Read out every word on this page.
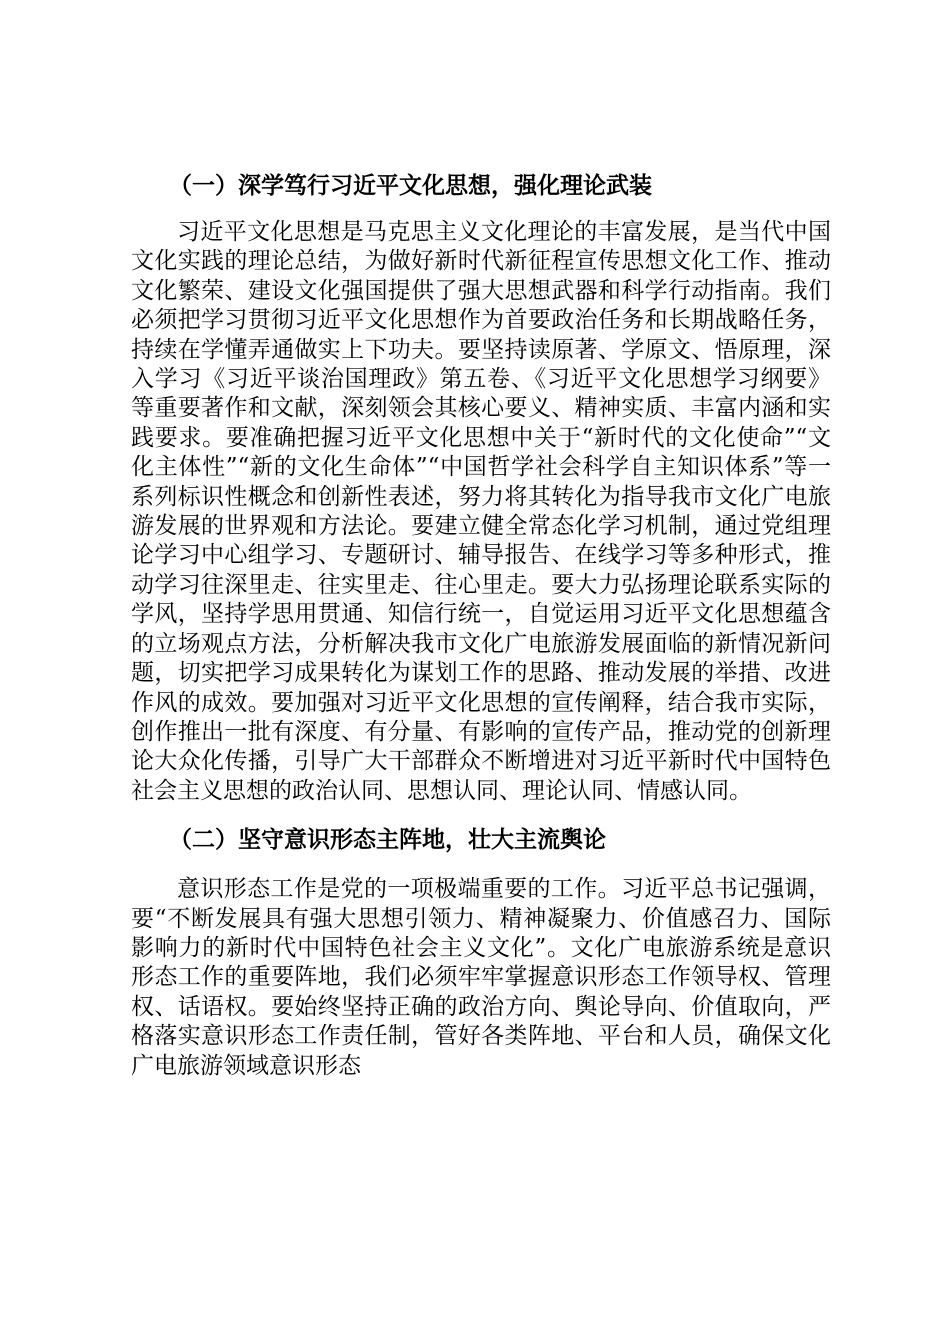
（一）深学笃行习近平文化思想，强化理论武装

习近平文化思想是马克思主义文化理论的丰富发展，是当代中国文化实践的理论总结，为做好新时代新征程宣传思想文化工作、推动文化繁荣、建设文化强国提供了强大思想武器和科学行动指南。我们必须把学习贯彻习近平文化思想作为首要政治任务和长期战略任务，持续在学懂弄通做实上下功夫。要坚持读原著、学原文、悟原理，深入学习《习近平谈治国理政》第五卷、《习近平文化思想学习纲要》等重要著作和文献，深刻领会其核心要义、精神实质、丰富内涵和实践要求。要准确把握习近平文化思想中关于“新时代的文化使命”“文化主体性”“新的文化生命体”“中国哲学社会科学自主知识体系”等一系列标识性概念和创新性表述，努力将其转化为指导我市文化广电旅游发展的世界观和方法论。要建立健全常态化学习机制，通过党组理论学习中心组学习、专题研讨、辅导报告、在线学习等多种形式，推动学习往深里走、往实里走、往心里走。要大力弘扬理论联系实际的学风，坚持学思用贯通、知信行统一，自觉运用习近平文化思想蕴含的立场观点方法，分析解决我市文化广电旅游发展面临的新情况新问题，切实把学习成果转化为谋划工作的思路、推动发展的举措、改进作风的成效。要加强对习近平文化思想的宣传阐释，结合我市实际，创作推出一批有深度、有分量、有影响的宣传产品，推动党的创新理论大众化传播，引导广大干部群众不断增进对习近平新时代中国特色社会主义思想的政治认同、思想认同、理论认同、情感认同。

（二）坚守意识形态主阵地，壮大主流舆论

意识形态工作是党的一项极端重要的工作。习近平总书记强调，要“不断发展具有强大思想引领力、精神凝聚力、价值感召力、国际影响力的新时代中国特色社会主义文化”。文化广电旅游系统是意识形态工作的重要阵地，我们必须牢牢掌握意识形态工作领导权、管理权、话语权。要始终坚持正确的政治方向、舆论导向、价值取向，严格落实意识形态工作责任制，管好各类阵地、平台和人员，确保文化广电旅游领域意识形态
